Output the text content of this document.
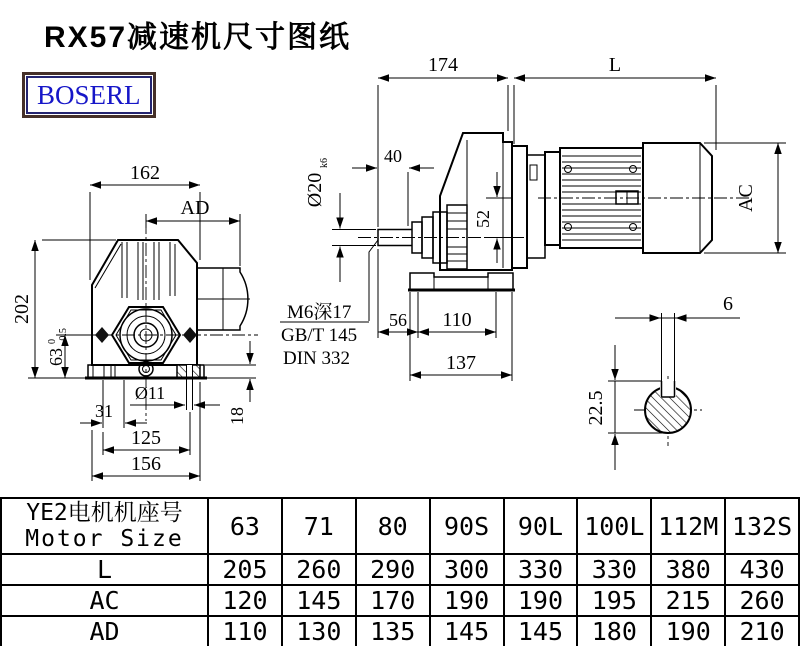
162
AD
202
63
0 -0.5
Ø11
31
125
156
18
174	L
40
Ø20
k6
52
56 110
137
M6深17
GB/T 145
DIN 332
AC
6
22.5
RX57减速机尺寸图纸
BOSERL
YE2电机机座号
Motor Size	63	71	80	90S	90L	100L	112M	132S
L	205	260	290	300	330	330	380	430
AC	120	145	170	190	190	195	215	260
AD	110	130	135	145	145	180	190	210
